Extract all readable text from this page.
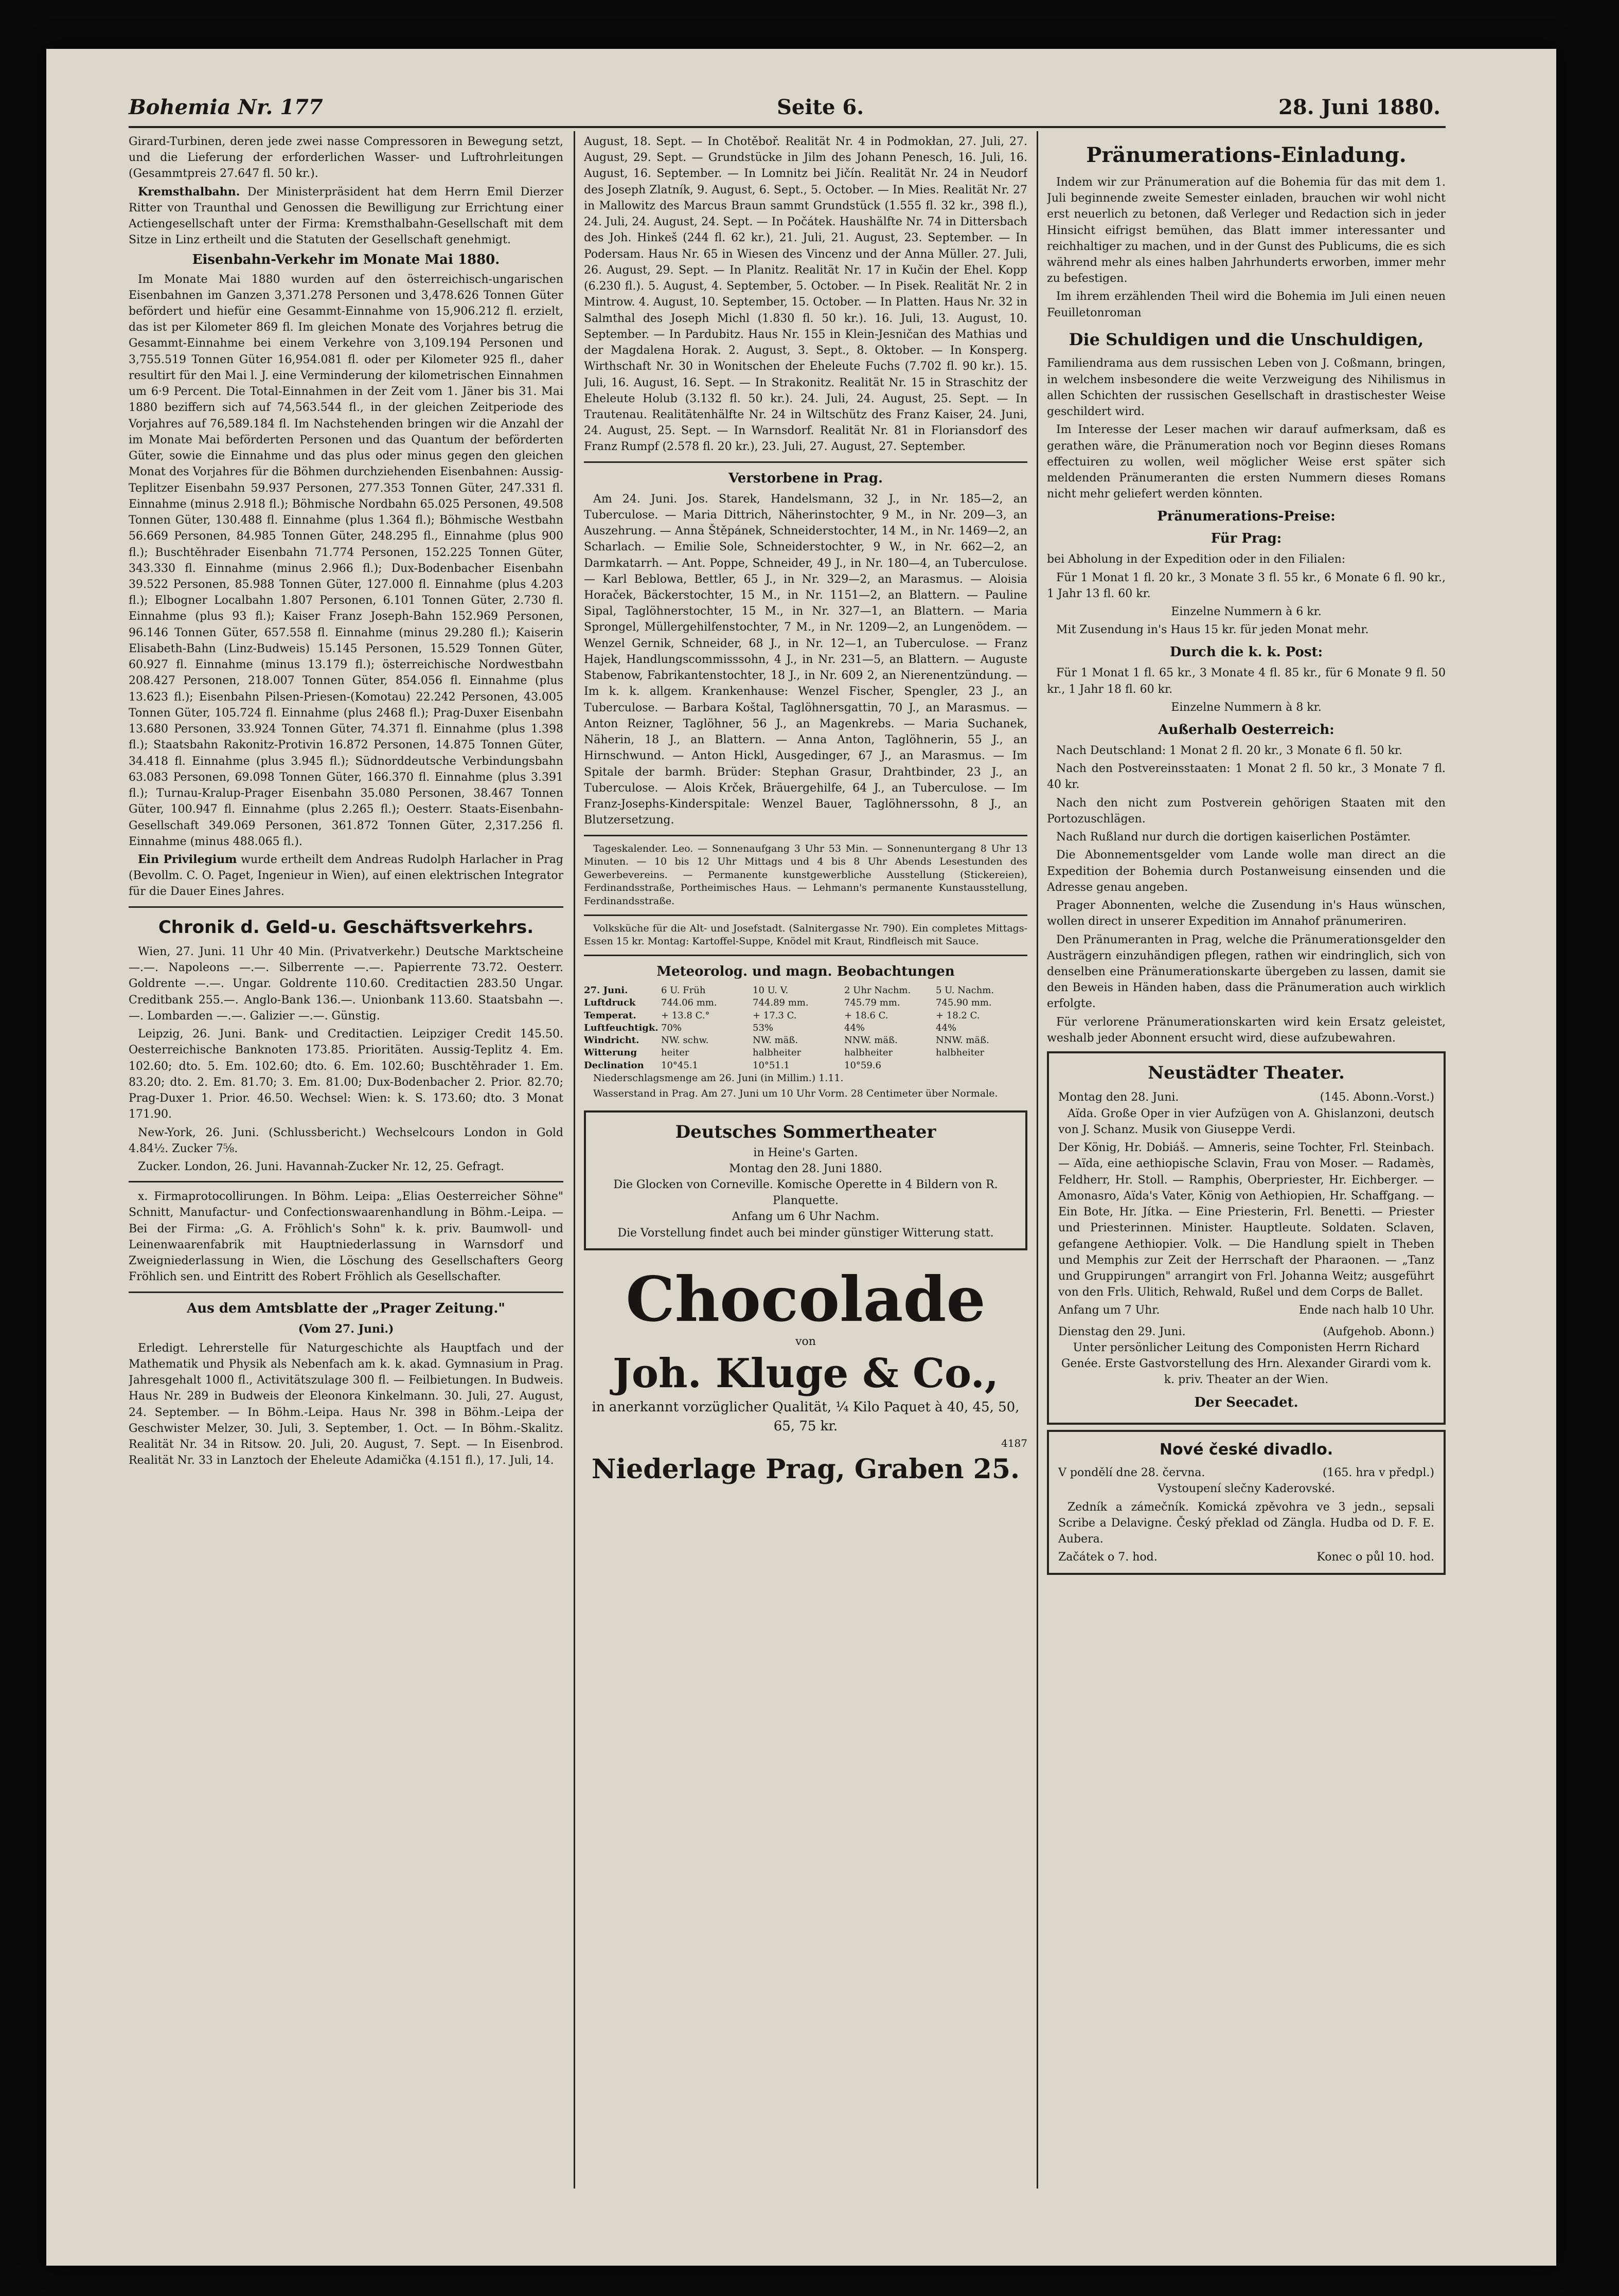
Bohemia Nr. 177	Seite 6.	28. Juni 1880.

Girard-Turbinen, deren jede zwei nasse Compressoren in Bewegung setzt, und die Lieferung der erforderlichen Wasser- und Luftrohrleitungen (Gesammtpreis 27.647 fl. 50 kr.).

Kremsthalbahn. Der Ministerpräsident hat dem Herrn Emil Dierzer Ritter von Traunthal und Genossen die Bewilligung zur Errichtung einer Actiengesellschaft unter der Firma: Kremsthalbahn-Gesellschaft mit dem Sitze in Linz ertheilt und die Statuten der Gesellschaft genehmigt.

Eisenbahn-Verkehr im Monate Mai 1880.

Im Monate Mai 1880 wurden auf den österreichisch-ungarischen Eisenbahnen im Ganzen 3,371.278 Personen und 3,478.626 Tonnen Güter befördert und hiefür eine Gesammt-Einnahme von 15,906.212 fl. erzielt, das ist per Kilometer 869 fl. Im gleichen Monate des Vorjahres betrug die Gesammt-Einnahme bei einem Verkehre von 3,109.194 Personen und 3,755.519 Tonnen Güter 16,954.081 fl. oder per Kilometer 925 fl., daher resultirt für den Mai l. J. eine Verminderung der kilometrischen Einnahmen um 6·9 Percent. Die Total-Einnahmen in der Zeit vom 1. Jäner bis 31. Mai 1880 beziffern sich auf 74,563.544 fl., in der gleichen Zeitperiode des Vorjahres auf 76,589.184 fl. Im Nachstehenden bringen wir die Anzahl der im Monate Mai beförderten Personen und das Quantum der beförderten Güter, sowie die Einnahme und das plus oder minus gegen den gleichen Monat des Vorjahres für die Böhmen durchziehenden Eisenbahnen: Aussig-Teplitzer Eisenbahn 59.937 Personen, 277.353 Tonnen Güter, 247.331 fl. Einnahme (minus 2.918 fl.); Böhmische Nordbahn 65.025 Personen, 49.508 Tonnen Güter, 130.488 fl. Einnahme (plus 1.364 fl.); Böhmische Westbahn 56.669 Personen, 84.985 Tonnen Güter, 248.295 fl., Einnahme (plus 900 fl.); Buschtěhrader Eisenbahn 71.774 Personen, 152.225 Tonnen Güter, 343.330 fl. Einnahme (minus 2.966 fl.); Dux-Bodenbacher Eisenbahn 39.522 Personen, 85.988 Tonnen Güter, 127.000 fl. Einnahme (plus 4.203 fl.); Elbogner Localbahn 1.807 Personen, 6.101 Tonnen Güter, 2.730 fl. Einnahme (plus 93 fl.); Kaiser Franz Joseph-Bahn 152.969 Personen, 96.146 Tonnen Güter, 657.558 fl. Einnahme (minus 29.280 fl.); Kaiserin Elisabeth-Bahn (Linz-Budweis) 15.145 Personen, 15.529 Tonnen Güter, 60.927 fl. Einnahme (minus 13.179 fl.); österreichische Nordwestbahn 208.427 Personen, 218.007 Tonnen Güter, 854.056 fl. Einnahme (plus 13.623 fl.); Eisenbahn Pilsen-Priesen-(Komotau) 22.242 Personen, 43.005 Tonnen Güter, 105.724 fl. Einnahme (plus 2468 fl.); Prag-Duxer Eisenbahn 13.680 Personen, 33.924 Tonnen Güter, 74.371 fl. Einnahme (plus 1.398 fl.); Staatsbahn Rakonitz-Protivin 16.872 Personen, 14.875 Tonnen Güter, 34.418 fl. Einnahme (plus 3.945 fl.); Südnorddeutsche Verbindungsbahn 63.083 Personen, 69.098 Tonnen Güter, 166.370 fl. Einnahme (plus 3.391 fl.); Turnau-Kralup-Prager Eisenbahn 35.080 Personen, 38.467 Tonnen Güter, 100.947 fl. Einnahme (plus 2.265 fl.); Oesterr. Staats-Eisenbahn-Gesellschaft 349.069 Personen, 361.872 Tonnen Güter, 2,317.256 fl. Einnahme (minus 488.065 fl.).

Ein Privilegium wurde ertheilt dem Andreas Rudolph Harlacher in Prag (Bevollm. C. O. Paget, Ingenieur in Wien), auf einen elektrischen Integrator für die Dauer Eines Jahres.

Chronik d. Geld-u. Geschäftsverkehrs.

Wien, 27. Juni. 11 Uhr 40 Min. (Privatverkehr.) Deutsche Marktscheine —.—. Napoleons —.—. Silberrente —.—. Papierrente 73.72. Oesterr. Goldrente —.—. Ungar. Goldrente 110.60. Creditactien 283.50 Ungar. Creditbank 255.—. Anglo-Bank 136.—. Unionbank 113.60. Staatsbahn —.—. Lombarden —.—. Galizier —.—. Günstig.

Leipzig, 26. Juni. Bank- und Creditactien. Leipziger Credit 145.50. Oesterreichische Banknoten 173.85. Prioritäten. Aussig-Teplitz 4. Em. 102.60; dto. 5. Em. 102.60; dto. 6. Em. 102.60; Buschtěhrader 1. Em. 83.20; dto. 2. Em. 81.70; 3. Em. 81.00; Dux-Bodenbacher 2. Prior. 82.70; Prag-Duxer 1. Prior. 46.50. Wechsel: Wien: k. S. 173.60; dto. 3 Monat 171.90.

New-York, 26. Juni. (Schlussbericht.) Wechselcours London in Gold 4.84½. Zucker 7⅝.

Zucker. London, 26. Juni. Havannah-Zucker Nr. 12, 25. Gefragt.

x. Firmaprotocollirungen. In Böhm. Leipa: „Elias Oesterreicher Söhne" Schnitt, Manufactur- und Confectionswaarenhandlung in Böhm.-Leipa. — Bei der Firma: „G. A. Fröhlich's Sohn" k. k. priv. Baumwoll- und Leinenwaarenfabrik mit Hauptniederlassung in Warnsdorf und Zweigniederlassung in Wien, die Löschung des Gesellschafters Georg Fröhlich sen. und Eintritt des Robert Fröhlich als Gesellschafter.

Aus dem Amtsblatte der „Prager Zeitung."
(Vom 27. Juni.)

Erledigt. Lehrerstelle für Naturgeschichte als Hauptfach und der Mathematik und Physik als Nebenfach am k. k. akad. Gymnasium in Prag. Jahresgehalt 1000 fl., Activitätszulage 300 fl. — Feilbietungen. In Budweis. Haus Nr. 289 in Budweis der Eleonora Kinkelmann. 30. Juli, 27. August, 24. September. — In Böhm.-Leipa. Haus Nr. 398 in Böhm.-Leipa der Geschwister Melzer, 30. Juli, 3. September, 1. Oct. — In Böhm.-Skalitz. Realität Nr. 34 in Ritsow. 20. Juli, 20. August, 7. Sept. — In Eisenbrod. Realität Nr. 33 in Lanztoch der Eheleute Adamička (4.151 fl.), 17. Juli, 14.

August, 18. Sept. — In Chotěboř. Realität Nr. 4 in Podmokłan, 27. Juli, 27. August, 29. Sept. — Grundstücke in Jilm des Johann Penesch, 16. Juli, 16. August, 16. September. — In Lomnitz bei Jičín. Realität Nr. 24 in Neudorf des Joseph Zlatník, 9. August, 6. Sept., 5. October. — In Mies. Realität Nr. 27 in Mallowitz des Marcus Braun sammt Grundstück (1.555 fl. 32 kr., 398 fl.), 24. Juli, 24. August, 24. Sept. — In Počátek. Haushälfte Nr. 74 in Dittersbach des Joh. Hinkeš (244 fl. 62 kr.), 21. Juli, 21. August, 23. September. — In Podersam. Haus Nr. 65 in Wiesen des Vincenz und der Anna Müller. 27. Juli, 26. August, 29. Sept. — In Planitz. Realität Nr. 17 in Kučin der Ehel. Kopp (6.230 fl.). 5. August, 4. September, 5. October. — In Pisek. Realität Nr. 2 in Mintrow. 4. August, 10. September, 15. October. — In Platten. Haus Nr. 32 in Salmthal des Joseph Michl (1.830 fl. 50 kr.). 16. Juli, 13. August, 10. September. — In Pardubitz. Haus Nr. 155 in Klein-Jesničan des Mathias und der Magdalena Horak. 2. August, 3. Sept., 8. Oktober. — In Konsperg. Wirthschaft Nr. 30 in Wonitschen der Eheleute Fuchs (7.702 fl. 90 kr.). 15. Juli, 16. August, 16. Sept. — In Strakonitz. Realität Nr. 15 in Straschitz der Eheleute Holub (3.132 fl. 50 kr.). 24. Juli, 24. August, 25. Sept. — In Trautenau. Realitätenhälfte Nr. 24 in Wiltschütz des Franz Kaiser, 24. Juni, 24. August, 25. Sept. — In Warnsdorf. Realität Nr. 81 in Floriansdorf des Franz Rumpf (2.578 fl. 20 kr.), 23. Juli, 27. August, 27. September.

Verstorbene in Prag.

Am 24. Juni. Jos. Starek, Handelsmann, 32 J., in Nr. 185—2, an Tuberculose. — Maria Dittrich, Näherinstochter, 9 M., in Nr. 209—3, an Auszehrung. — Anna Štěpánek, Schneiderstochter, 14 M., in Nr. 1469—2, an Scharlach. — Emilie Sole, Schneiderstochter, 9 W., in Nr. 662—2, an Darmkatarrh. — Ant. Poppe, Schneider, 49 J., in Nr. 180—4, an Tuberculose. — Karl Beblowa, Bettler, 65 J., in Nr. 329—2, an Marasmus. — Aloisia Horaček, Bäckerstochter, 15 M., in Nr. 1151—2, an Blattern. — Pauline Sipal, Taglöhnerstochter, 15 M., in Nr. 327—1, an Blattern. — Maria Sprongel, Müllergehilfenstochter, 7 M., in Nr. 1209—2, an Lungenödem. — Wenzel Gernik, Schneider, 68 J., in Nr. 12—1, an Tuberculose. — Franz Hajek, Handlungscommisssohn, 4 J., in Nr. 231—5, an Blattern. — Auguste Stabenow, Fabrikantenstochter, 18 J., in Nr. 609 2, an Nierenentzündung. — Im k. k. allgem. Krankenhause: Wenzel Fischer, Spengler, 23 J., an Tuberculose. — Barbara Koštal, Taglöhnersgattin, 70 J., an Marasmus. — Anton Reizner, Taglöhner, 56 J., an Magenkrebs. — Maria Suchanek, Näherin, 18 J., an Blattern. — Anna Anton, Taglöhnerin, 55 J., an Hirnschwund. — Anton Hickl, Ausgedinger, 67 J., an Marasmus. — Im Spitale der barmh. Brüder: Stephan Grasur, Drahtbinder, 23 J., an Tuberculose. — Alois Krček, Bräuergehilfe, 64 J., an Tuberculose. — Im Franz-Josephs-Kinderspitale: Wenzel Bauer, Taglöhnerssohn, 8 J., an Blutzersetzung.

Tageskalender. Leo. — Sonnenaufgang 3 Uhr 53 Min. — Sonnenuntergang 8 Uhr 13 Minuten. — 10 bis 12 Uhr Mittags und 4 bis 8 Uhr Abends Lesestunden des Gewerbevereins. — Permanente kunstgewerbliche Ausstellung (Stickereien), Ferdinandsstraße, Portheimisches Haus. — Lehmann's permanente Kunstausstellung, Ferdinandsstraße.

Volksküche für die Alt- und Josefstadt. (Salnitergasse Nr. 790). Ein completes Mittags-Essen 15 kr. Montag: Kartoffel-Suppe, Knödel mit Kraut, Rindfleisch mit Sauce.

Meteorolog. und magn. Beobachtungen
27. Juni.	6 U. Früh	10 U. V.	2 Uhr Nachm.	5 U. Nachm.
Luftdruck	744.06 mm.	744.89 mm.	745.79 mm.	745.90 mm.
Temperat.	+ 13.8 C.°	+ 17.3 C.	+ 18.6 C.	+ 18.2 C.
Luftfeuchtigk. 70%	53%	44%	44%
Windricht.	NW. schw.	NW. mäß.	NNW. mäß.	NNW. mäß.
Witterung	heiter	halbheiter	halbheiter	halbheiter
Declination	10°45.1	10°51.1	10°59.6

Niederschlagsmenge am 26. Juni (in Millim.) 1.11.

Wasserstand in Prag. Am 27. Juni um 10 Uhr Vorm. 28 Centimeter über Normale.

Deutsches Sommertheater
in Heine's Garten.
Montag den 28. Juni 1880.
Die Glocken von Corneville. Komische Operette in 4 Bildern von R. Planquette.
Anfang um 6 Uhr Nachm.
Die Vorstellung findet auch bei minder günstiger Witterung statt.
Chocolade
von
Joh. Kluge & Co.,
in anerkannt vorzüglicher Qualität, ¼ Kilo Paquet à 40, 45, 50, 65, 75 kr.
4187
Niederlage Prag, Graben 25.
Pränumerations-Einladung.

Indem wir zur Pränumeration auf die Bohemia für das mit dem 1. Juli beginnende zweite Semester einladen, brauchen wir wohl nicht erst neuerlich zu betonen, daß Verleger und Redaction sich in jeder Hinsicht eifrigst bemühen, das Blatt immer interessanter und reichhaltiger zu machen, und in der Gunst des Publicums, die es sich während mehr als eines halben Jahrhunderts erworben, immer mehr zu befestigen.

Im ihrem erzählenden Theil wird die Bohemia im Juli einen neuen Feuilletonroman

Die Schuldigen und die Unschuldigen,

Familiendrama aus dem russischen Leben von J. Coßmann, bringen, in welchem insbesondere die weite Verzweigung des Nihilismus in allen Schichten der russischen Gesellschaft in drastischester Weise geschildert wird.

Im Interesse der Leser machen wir darauf aufmerksam, daß es gerathen wäre, die Pränumeration noch vor Beginn dieses Romans effectuiren zu wollen, weil möglicher Weise erst später sich meldenden Pränumeranten die ersten Nummern dieses Romans nicht mehr geliefert werden könnten.

Pränumerations-Preise:
Für Prag:

bei Abholung in der Expedition oder in den Filialen:

Für 1 Monat 1 fl. 20 kr., 3 Monate 3 fl. 55 kr., 6 Monate 6 fl. 90 kr., 1 Jahr 13 fl. 60 kr.

Einzelne Nummern à 6 kr.

Mit Zusendung in's Haus 15 kr. für jeden Monat mehr.

Durch die k. k. Post:

Für 1 Monat 1 fl. 65 kr., 3 Monate 4 fl. 85 kr., für 6 Monate 9 fl. 50 kr., 1 Jahr 18 fl. 60 kr.

Einzelne Nummern à 8 kr.

Außerhalb Oesterreich:

Nach Deutschland: 1 Monat 2 fl. 20 kr., 3 Monate 6 fl. 50 kr.

Nach den Postvereinsstaaten: 1 Monat 2 fl. 50 kr., 3 Monate 7 fl. 40 kr.

Nach den nicht zum Postverein gehörigen Staaten mit den Portozuschlägen.

Nach Rußland nur durch die dortigen kaiserlichen Postämter.

Die Abonnementsgelder vom Lande wolle man direct an die Expedition der Bohemia durch Postanweisung einsenden und die Adresse genau angeben.

Prager Abonnenten, welche die Zusendung in's Haus wünschen, wollen direct in unserer Expedition im Annahof pränumeriren.

Den Pränumeranten in Prag, welche die Pränumerationsgelder den Austrägern einzuhändigen pflegen, rathen wir eindringlich, sich von denselben eine Pränumerationskarte übergeben zu lassen, damit sie den Beweis in Händen haben, dass die Pränumeration auch wirklich erfolgte.

Für verlorene Pränumerationskarten wird kein Ersatz geleistet, weshalb jeder Abonnent ersucht wird, diese aufzubewahren.

Neustädter Theater.
Montag den 28. Juni.	(145. Abonn.-Vorst.)

Aïda. Große Oper in vier Aufzügen von A. Ghislanzoni, deutsch von J. Schanz. Musik von Giuseppe Verdi.

Der König, Hr. Dobiáš. — Amneris, seine Tochter, Frl. Steinbach. — Aïda, eine aethiopische Sclavin, Frau von Moser. — Radamès, Feldherr, Hr. Stoll. — Ramphis, Oberpriester, Hr. Eichberger. — Amonasro, Aïda's Vater, König von Aethiopien, Hr. Schaffgang. — Ein Bote, Hr. Jítka. — Eine Priesterin, Frl. Benetti. — Priester und Priesterinnen. Minister. Hauptleute. Soldaten. Sclaven, gefangene Aethiopier. Volk. — Die Handlung spielt in Theben und Memphis zur Zeit der Herrschaft der Pharaonen. — „Tanz und Gruppirungen" arrangirt von Frl. Johanna Weitz; ausgeführt von den Frls. Ulitich, Rehwald, Rußel und dem Corps de Ballet.

Anfang um 7 Uhr.	Ende nach halb 10 Uhr.
Dienstag den 29. Juni.	(Aufgehob. Abonn.)

Unter persönlicher Leitung des Componisten Herrn Richard Genée. Erste Gastvorstellung des Hrn. Alexander Girardi vom k. k. priv. Theater an der Wien.

Der Seecadet.
Nové české divadlo.
V pondělí dne 28. června.	(165. hra v předpl.)

Vystoupení slečny Kaderovské.

Zedník a zámečník. Komická zpěvohra ve 3 jedn., sepsali Scribe a Delavigne. Český překlad od Zängla. Hudba od D. F. E. Aubera.

Začátek o 7. hod.	Konec o půl 10. hod.
